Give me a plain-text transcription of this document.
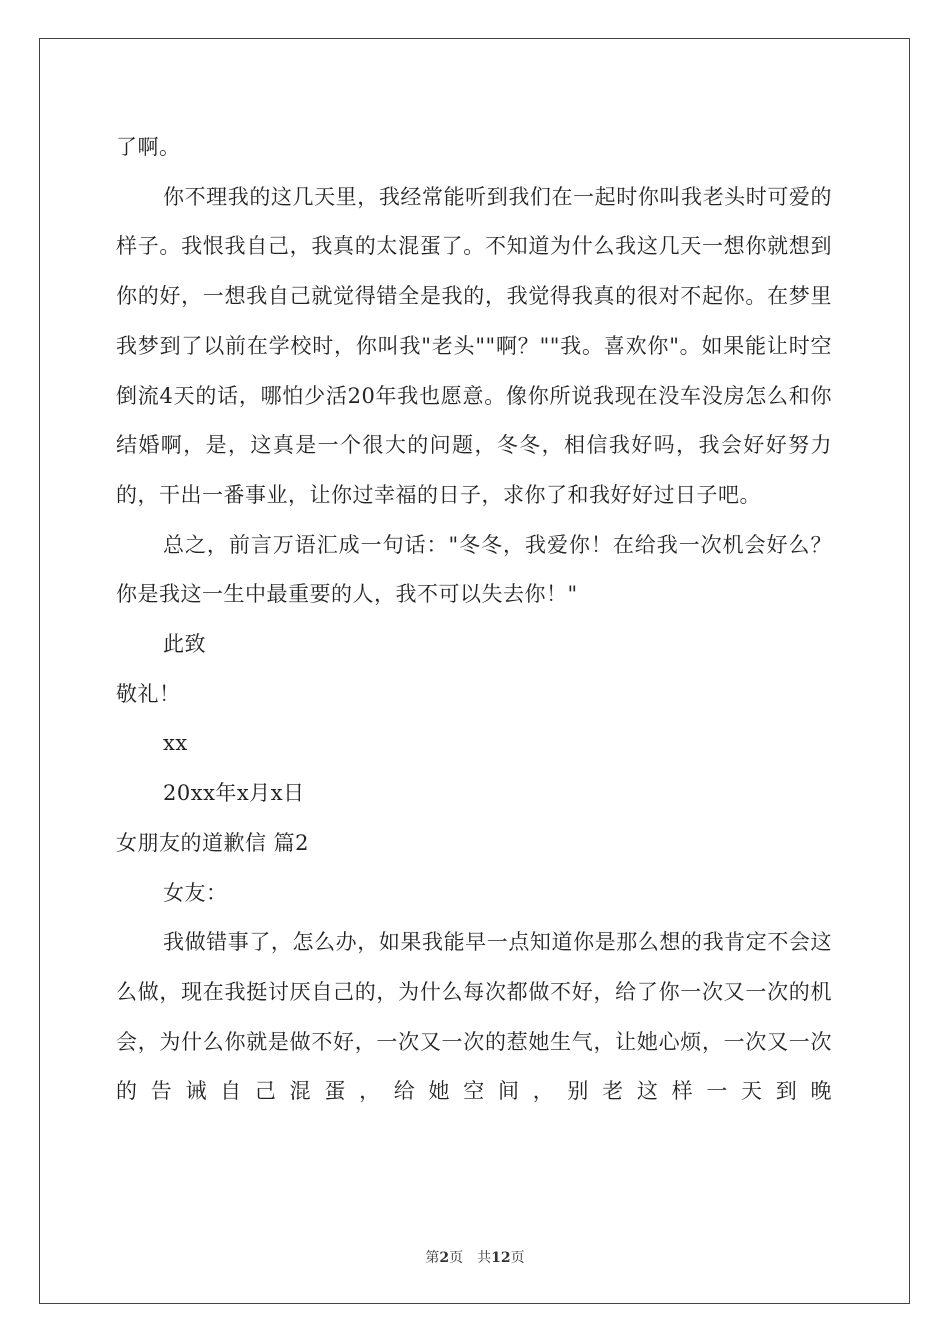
了啊。

你不理我的这几天里，我经常能听到我们在一起时你叫我老头时可爱的样子。我恨我自己，我真的太混蛋了。不知道为什么我这几天一想你就想到你的好，一想我自己就觉得错全是我的，我觉得我真的很对不起你。在梦里我梦到了以前在学校时，你叫我"老头""啊？""我。喜欢你"。如果能让时空倒流4天的话，哪怕少活20年我也愿意。像你所说我现在没车没房怎么和你结婚啊，是，这真是一个很大的问题，冬冬，相信我好吗，我会好好努力的，干出一番事业，让你过幸福的日子，求你了和我好好过日子吧。

总之，前言万语汇成一句话："冬冬，我爱你！在给我一次机会好么？你是我这一生中最重要的人，我不可以失去你！"

此致

敬礼！

xx

20xx年x月x日

女朋友的道歉信 篇2

女友：

我做错事了，怎么办，如果我能早一点知道你是那么想的我肯定不会这么做，现在我挺讨厌自己的，为什么每次都做不好，给了你一次又一次的机会，为什么你就是做不好，一次又一次的惹她生气，让她心烦，一次又一次的告诫自己混蛋，给她空间，别老这样一天到晚

第2页　共12页
